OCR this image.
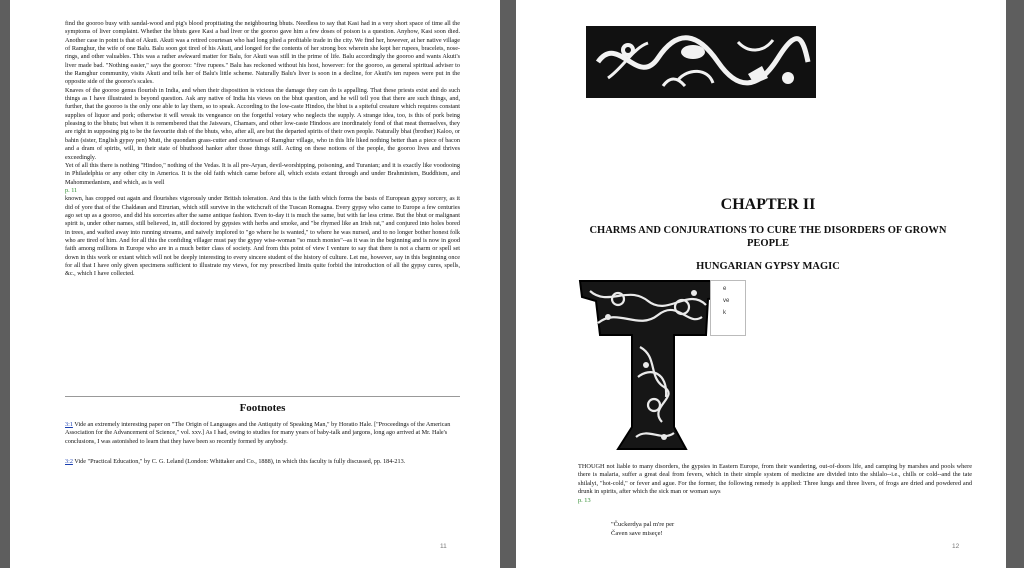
find the gooroo busy with sandal-wood and pig's blood propitiating the neighbouring bhuts. Needless to say that Kasi had in a very short space of time all the symptoms of liver complaint. Whether the bhuts gave Kasi a bad liver or the gooroo gave him a few doses of poison is a question. Anyhow, Kasi soon died. Another case in point is that of Akuti. Akuti was a retired courtesan who had long plied a profitable trade in the city. We find her, however, at her native village of Ramghur, the wife of one Balu. Balu soon got tired of his Akuti, and longed for the contents of her strong box wherein she kept her rupees, bracelets, nose-rings, and other valuables. This was a rather awkward matter for Balu, for Akuti was still in the prime of life. Balu accordingly the gooroo and wants Akuti's liver made bad. "Nothing easier," says the gooroo: "five rupees." Balu has reckoned without his host, however: for the gooroo, as general spiritual adviser to the Ramghur community, visits Akuti and tells her of Balu's little scheme. Naturally Balu's liver is soon in a decline, for Akuti's ten rupees were put in the opposite side of the gooroo's scales.

Knaves of the gooroo genus flourish in India, and when their disposition is vicious the damage they can do is appalling. That these priests exist and do such things as I have illustrated is beyond question. Ask any native of India his views on the bhut question, and he will tell you that there are such things, and, further, that the gooroo is the only one able to lay them, so to speak. According to the low-caste Hindoo, the bhut is a spiteful creature which requires constant supplies of liquor and pork; otherwise it will wreak its vengeance on the forgetful votary who neglects the supply. A strange idea, too, is this of pork being pleasing to the bhuts; but when it is remembered that the Jaiswars, Chamars, and other low-caste Hindoos are inordinately fond of that meat themselves, they are right in supposing pig to be the favourite dish of the bhuts, who, after all, are but the departed spirits of their own people. Naturally bhai (brother) Kaloo, or bahin (sister, English gypsy pen) Muti, the quondam grass-cutter and courtesan of Ramghur village, who in this life liked nothing better than a piece of bacon and a dram of spirits, will, in their state of bhuthood hanker after those things still. Acting on these notions of the people, the gooroo lives and thrives exceedingly.

Yet of all this there is nothing "Hindoo," nothing of the Vedas. It is all pre-Aryan, devil-worshipping, poisoning, and Turanian; and it is exactly like voodooing in Philadelphia or any other city in America. It is the old faith which came before all, which exists extant through and under Brahminism, Buddhism, and Mahommedanism, and which, as is well

p. 11

known, has cropped out again and flourishes vigorously under British toleration. And this is the faith which forms the basis of European gypsy sorcery, as it did of yore that of the Chaldæan and Etrurian, which still survive in the witchcraft of the Tuscan Romagna. Every gypsy who came to Europe a few centuries ago set up as a gooroo, and did his sorceries after the same antique fashion. Even to-day it is much the same, but with far less crime. But the bhut or malignant spirit is, under other names, still believed, in, still doctored by gypsies with herbs and smoke, and "be rhymed like an Irish rat," and conjured into holes bored in trees, and wafted away into running streams, and naively implored to "go where he is wanted," to where he was nursed, and to no longer bother honest folk who are tired of him. And for all this the confiding villager must pay the gypsy wise-woman "so much monies"--as it was in the beginning and is now in good faith among millions in Europe who are in a much better class of society. And from this point of view I venture to say that there is not a charm or spell set down in this work or extant which will not be deeply interesting to every sincere student of the history of culture. Let me, however, say in this beginning once for all that I have only given specimens sufficient to illustrate my views, for my prescribed limits quite forbid the introduction of all the gypsy cures, spells, &c., which I have collected.

Footnotes
3:1 Vide an extremely interesting paper on "The Origin of Languages and the Antiquity of Speaking Man," by Horatio Hale. ["Proceedings of the American Association for the Advancement of Science," vol. xxv.] As I had, owing to studies for many years of baby-talk and jargons, long ago arrived at Mr. Hale's conclusions, I was astonished to learn that they have been so recently formed by anybody.
3:2 Vide "Practical Education," by C. G. Leland (London: Whittaker and Co., 1888), in which this faculty is fully discussed, pp. 184-213.
11
CHAPTER II
CHARMS AND CONJURATIONS TO CURE THE DISORDERS OF GROWN PEOPLE
HUNGARIAN GYPSY MAGIC
e
ve
k
THOUGH not liable to many disorders, the gypsies in Eastern Europe, from their wandering, out-of-doors life, and camping by marshes and pools where there is malaria, suffer a great deal from fevers, which in their simple system of medicine are divided into the shilalo--i.e., chills or cold--and the tate shilalyi, "hot-cold," or fever and ague. For the former, the following remedy is applied: Three lungs and three livers, of frogs are dried and powdered and drunk in spirits, after which the sick man or woman says
p. 13
"Čuckerdya pal m're per
Čaven save miseçe!
12
